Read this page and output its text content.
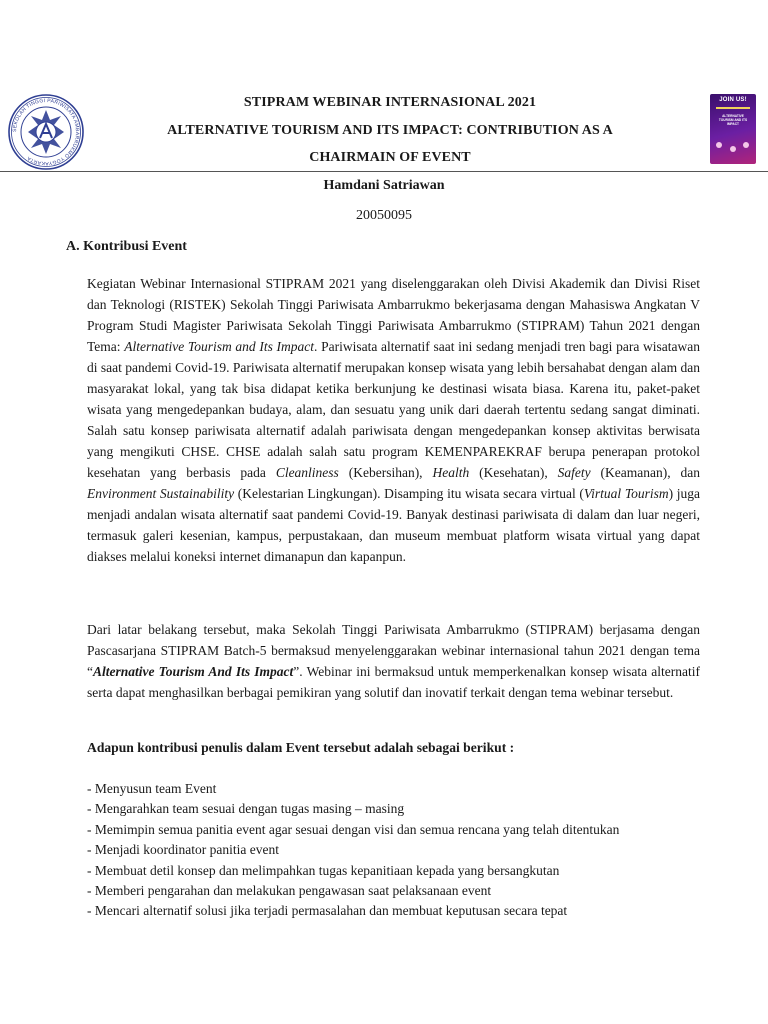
SEKOLAH TINGGI PARIWISATA AMBARRUKMO YOGYAKARTA
JOIN US!
ALTERNATIVE TOURISM AND ITS IMPACT
STIPRAM WEBINAR INTERNASIONAL 2021
ALTERNATIVE TOURISM AND ITS IMPACT: CONTRIBUTION AS A
CHAIRMAIN OF EVENT
Hamdani Satriawan
20050095
A. Kontribusi Event

Kegiatan Webinar Internasional STIPRAM 2021 yang diselenggarakan oleh Divisi Akademik dan Divisi Riset dan Teknologi (RISTEK) Sekolah Tinggi Pariwisata Ambarrukmo bekerjasama dengan Mahasiswa Angkatan V Program Studi Magister Pariwisata Sekolah Tinggi Pariwisata Ambarrukmo (STIPRAM) Tahun 2021 dengan Tema: Alternative Tourism and Its Impact. Pariwisata alternatif saat ini sedang menjadi tren bagi para wisatawan di saat pandemi Covid-19. Pariwisata alternatif merupakan konsep wisata yang lebih bersahabat dengan alam dan masyarakat lokal, yang tak bisa didapat ketika berkunjung ke destinasi wisata biasa. Karena itu, paket-paket wisata yang mengedepankan budaya, alam, dan sesuatu yang unik dari daerah tertentu sedang sangat diminati. Salah satu konsep pariwisata alternatif adalah pariwisata dengan mengedepankan konsep aktivitas berwisata yang mengikuti CHSE. CHSE adalah salah satu program KEMENPAREKRAF berupa penerapan protokol kesehatan yang berbasis pada Cleanliness (Kebersihan), Health (Kesehatan), Safety (Keamanan), dan Environment Sustainability (Kelestarian Lingkungan). Disamping itu wisata secara virtual (Virtual Tourism) juga menjadi andalan wisata alternatif saat pandemi Covid-19. Banyak destinasi pariwisata di dalam dan luar negeri, termasuk galeri kesenian, kampus, perpustakaan, dan museum membuat platform wisata virtual yang dapat diakses melalui koneksi internet dimanapun dan kapanpun.

Dari latar belakang tersebut, maka Sekolah Tinggi Pariwisata Ambarrukmo (STIPRAM) berjasama dengan Pascasarjana STIPRAM Batch-5 bermaksud menyelenggarakan webinar internasional tahun 2021 dengan tema “Alternative Tourism And Its Impact”. Webinar ini bermaksud untuk memperkenalkan konsep wisata alternatif serta dapat menghasilkan berbagai pemikiran yang solutif dan inovatif terkait dengan tema webinar tersebut.

Adapun kontribusi penulis dalam Event tersebut adalah sebagai berikut :
- Menyusun team Event
- Mengarahkan team sesuai dengan tugas masing – masing
- Memimpin semua panitia event agar sesuai dengan visi dan semua rencana yang telah ditentukan
- Menjadi koordinator panitia event
- Membuat detil konsep dan melimpahkan tugas kepanitiaan kepada yang bersangkutan
- Memberi pengarahan dan melakukan pengawasan saat pelaksanaan event
- Mencari alternatif solusi jika terjadi permasalahan dan membuat keputusan secara tepat
